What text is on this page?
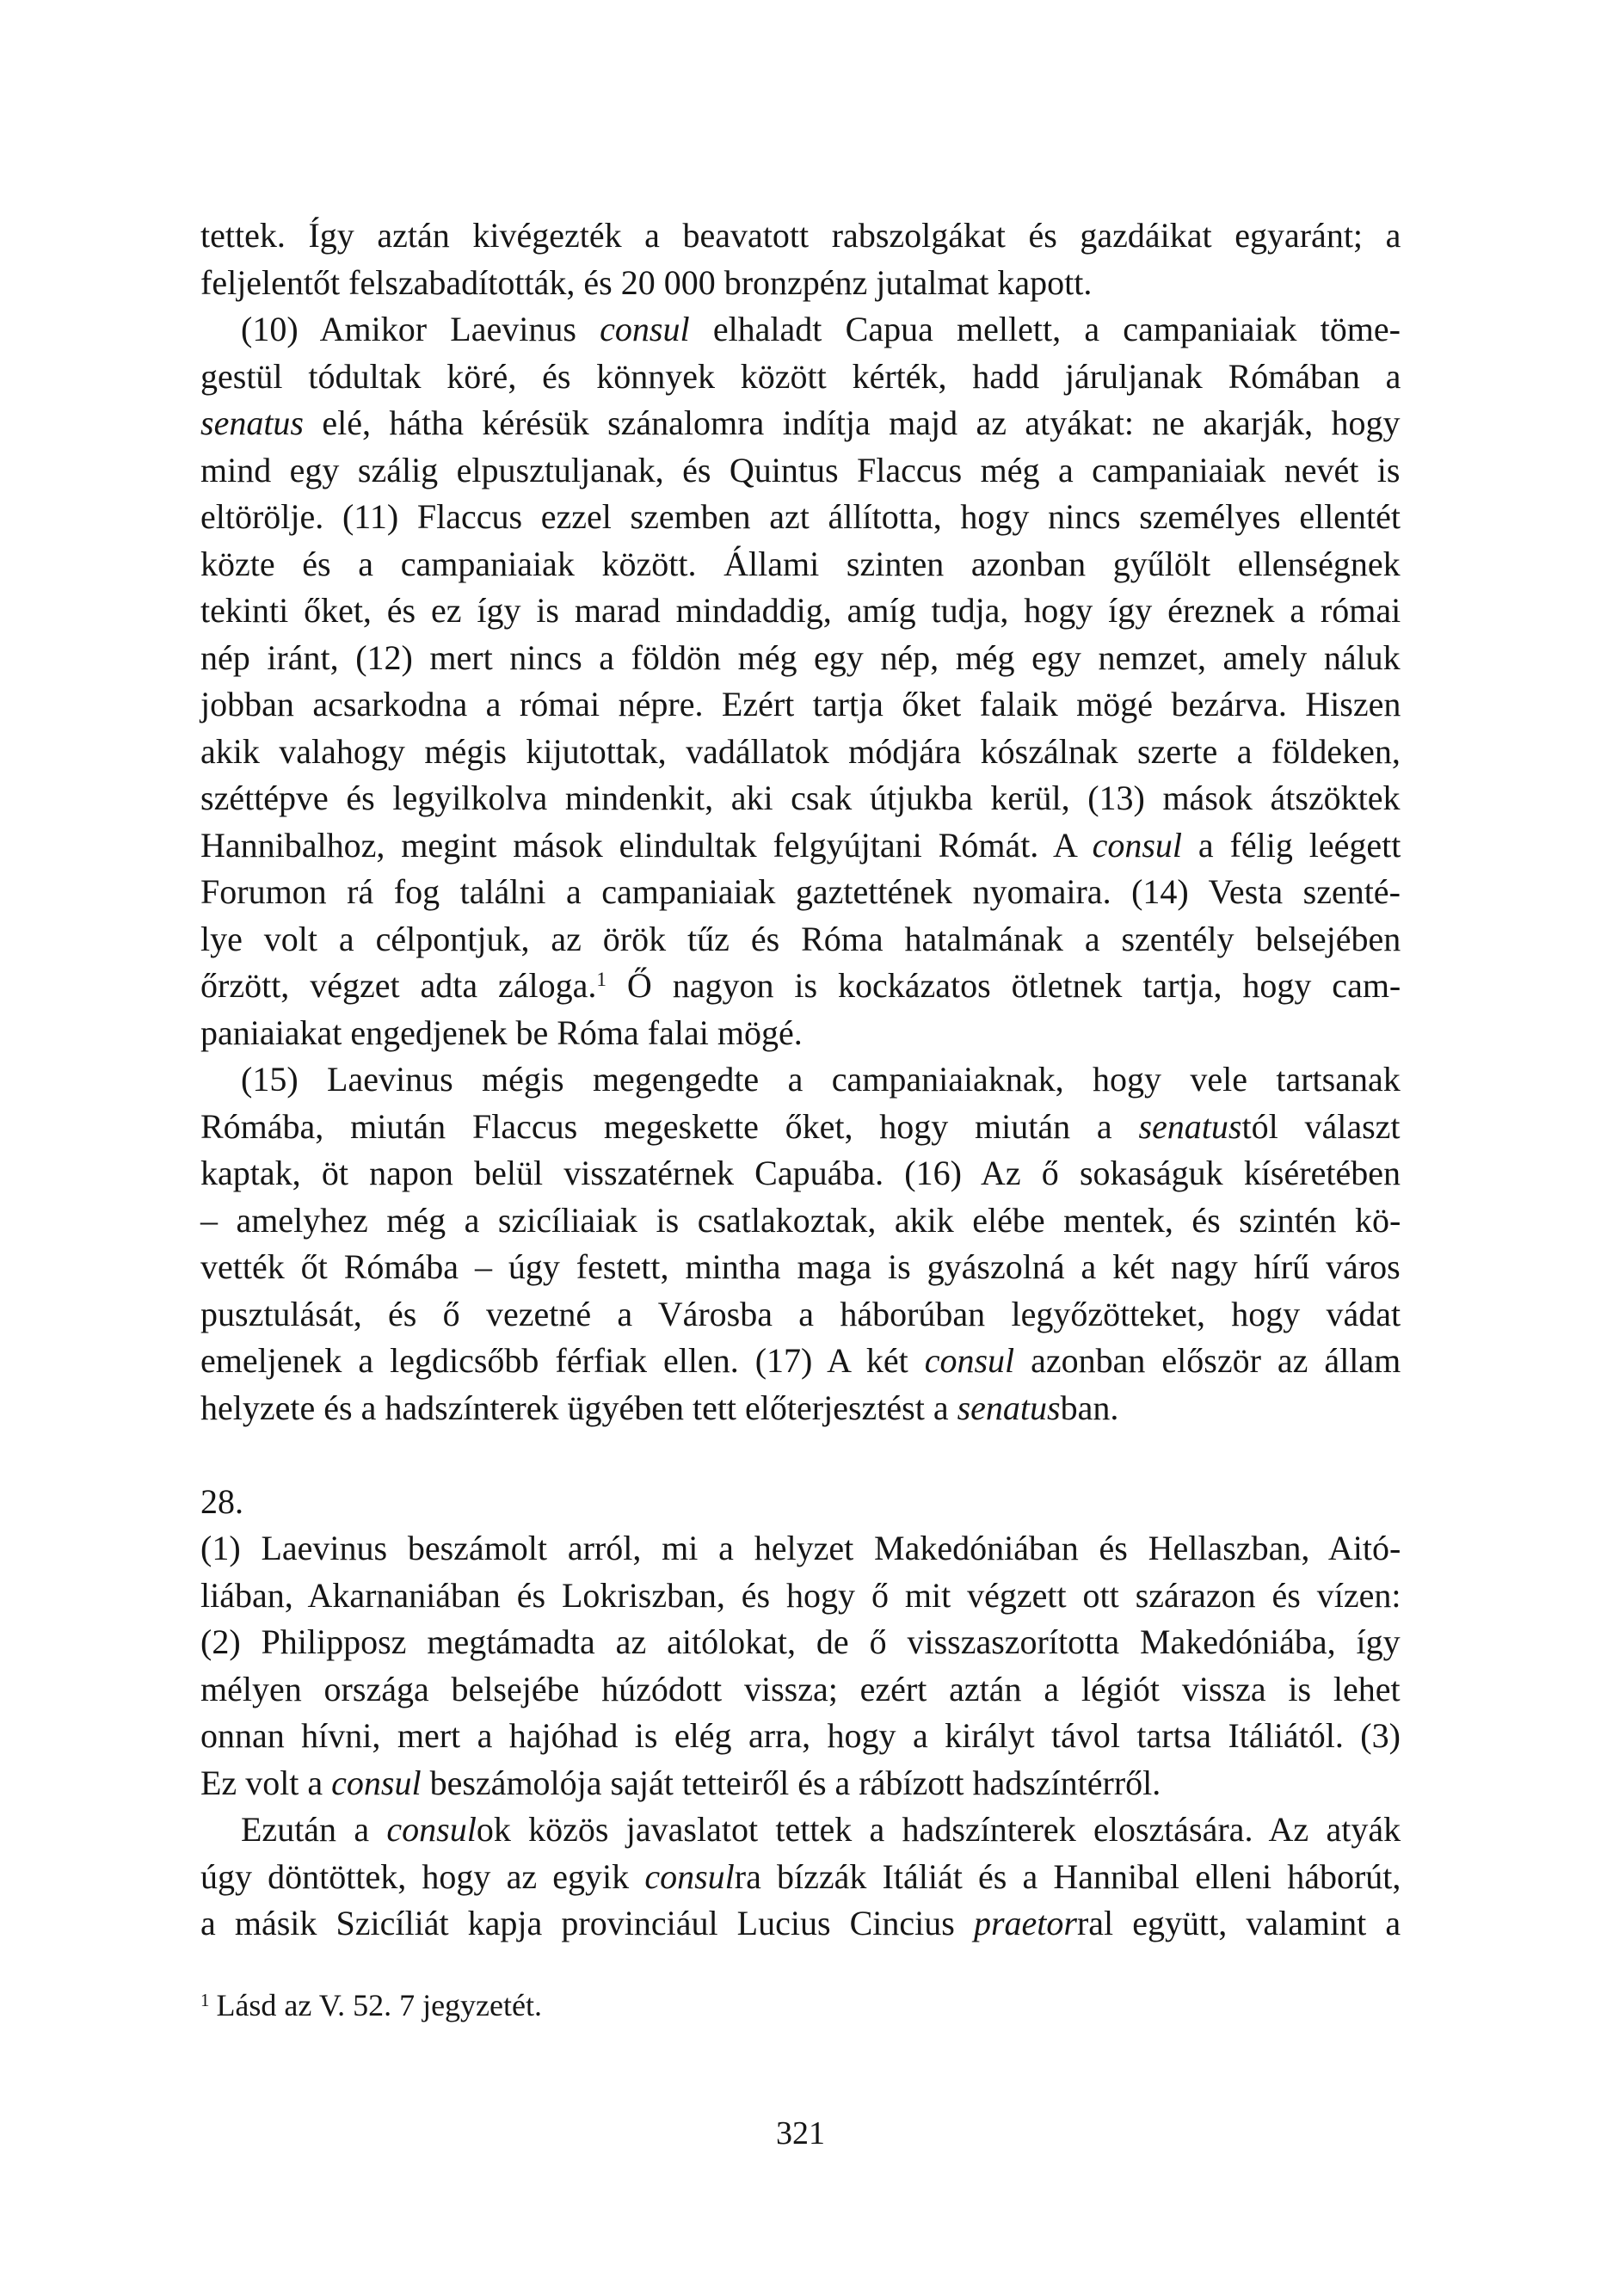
tettek. Így aztán kivégezték a beavatott rabszolgákat és gazdáikat egyaránt; a
feljelentőt felszabadították, és 20 000 bronzpénz jutalmat kapott.
(10) Amikor Laevinus consul elhaladt Capua mellett, a campaniaiak töme-
gestül tódultak köré, és könnyek között kérték, hadd járuljanak Rómában a
senatus elé, hátha kérésük szánalomra indítja majd az atyákat: ne akarják, hogy
mind egy szálig elpusztuljanak, és Quintus Flaccus még a campaniaiak nevét is
eltörölje. (11) Flaccus ezzel szemben azt állította, hogy nincs személyes ellentét
közte és a campaniaiak között. Állami szinten azonban gyűlölt ellenségnek
tekinti őket, és ez így is marad mindaddig, amíg tudja, hogy így éreznek a római
nép iránt, (12) mert nincs a földön még egy nép, még egy nemzet, amely náluk
jobban acsarkodna a római népre. Ezért tartja őket falaik mögé bezárva. Hiszen
akik valahogy mégis kijutottak, vadállatok módjára kószálnak szerte a földeken,
széttépve és legyilkolva mindenkit, aki csak útjukba kerül, (13) mások átszöktek
Hannibalhoz, megint mások elindultak felgyújtani Rómát. A consul a félig leégett
Forumon rá fog találni a campaniaiak gaztettének nyomaira. (14) Vesta szenté-
lye volt a célpontjuk, az örök tűz és Róma hatalmának a szentély belsejében
őrzött, végzet adta záloga.$^1$ Ő nagyon is kockázatos ötletnek tartja, hogy cam-
paniaiakat engedjenek be Róma falai mögé.
(15) Laevinus mégis megengedte a campaniaiaknak, hogy vele tartsanak
Rómába, miután Flaccus megeskette őket, hogy miután a senatustól választ
kaptak, öt napon belül visszatérnek Capuába. (16) Az ő sokaságuk kíséretében
– amelyhez még a szicíliaiak is csatlakoztak, akik elébe mentek, és szintén kö-
vették őt Rómába – úgy festett, mintha maga is gyászolná a két nagy hírű város
pusztulását, és ő vezetné a Városba a háborúban legyőzötteket, hogy vádat
emeljenek a legdicsőbb férfiak ellen. (17) A két consul azonban először az állam
helyzete és a hadszínterek ügyében tett előterjesztést a senatusban.
28.
(1) Laevinus beszámolt arról, mi a helyzet Makedóniában és Hellaszban, Aitó-
liában, Akarnaniában és Lokriszban, és hogy ő mit végzett ott szárazon és vízen:
(2) Philipposz megtámadta az aitólokat, de ő visszaszorította Makedóniába, így
mélyen országa belsejébe húzódott vissza; ezért aztán a légiót vissza is lehet
onnan hívni, mert a hajóhad is elég arra, hogy a királyt távol tartsa Itáliától. (3)
Ez volt a consul beszámolója saját tetteiről és a rábízott hadszíntérről.
Ezután a consulok közös javaslatot tettek a hadszínterek elosztására. Az atyák
úgy döntöttek, hogy az egyik consulra bízzák Itáliát és a Hannibal elleni háborút,
a másik Szicíliát kapja provinciául Lucius Cincius praetorral együtt, valamint a
$^1$ Lásd az V. 52. 7 jegyzetét.
321
